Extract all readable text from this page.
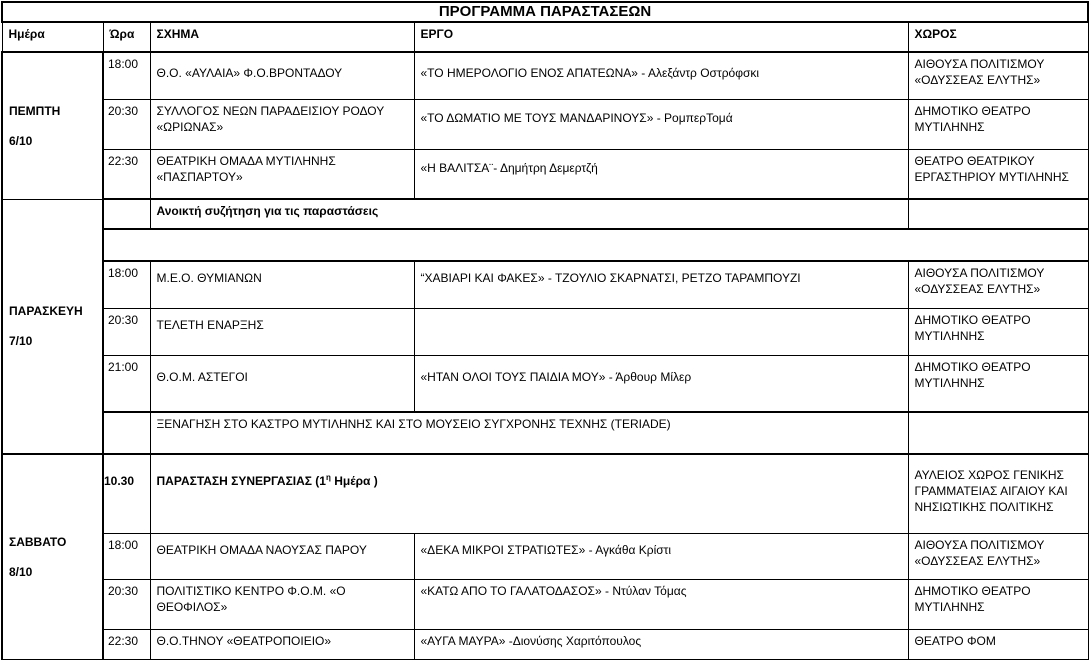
ΠΡΟΓΡΑΜΜΑ ΠΑΡΑΣΤΑΣΕΩΝ				
Ημέρα	Ώρα	ΣΧΗΜΑ	ΕΡΓΟ	ΧΩΡΟΣ

ΠΕΜΠΤΗ
6/10	18:00	Θ.Ο. «ΑΥΛΑΙΑ» Φ.Ο.ΒΡΟΝΤΑΔΟΥ	«ΤΟ ΗΜΕΡΟΛΟΓΙΟ ΕΝΟΣ ΑΠΑΤΕΩΝΑ» - Αλεξάντρ Οστρόφσκι	ΑΙΘΟΥΣΑ ΠΟΛΙΤΙΣΜΟΥ «ΟΔΥΣΣΕΑΣ ΕΛΥΤΗΣ»
	20:30	ΣΥΛΛΟΓΟΣ ΝΕΩΝ ΠΑΡΑΔΕΙΣΙΟΥ ΡΟΔΟΥ «ΩΡΙΩΝΑΣ»	«ΤΟ ΔΩΜΑΤΙΟ ΜΕ ΤΟΥΣ ΜΑΝΔΑΡΙΝΟΥΣ» - ΡομπερΤομά	ΔΗΜΟΤΙΚΟ ΘΕΑΤΡΟ ΜΥΤΙΛΗΝΗΣ
	22:30	ΘΕΑΤΡΙΚΗ ΟΜΑΔΑ ΜΥΤΙΛΗΝΗΣ «ΠΑΣΠΑΡΤΟΥ»	«Η ΒΑΛΙΤΣΑ¨- Δημήτρη Δεμερτζή	ΘΕΑΤΡΟ ΘΕΑΤΡΙΚΟΥ ΕΡΓΑΣΤΗΡΙΟΥ ΜΥΤΙΛΗΝΗΣ

ΠΑΡΑΣΚΕΥΗ
7/10		Ανοικτή συζήτηση για τις παραστάσεις		

	18:00	Μ.Ε.Ο. ΘΥΜΙΑΝΩΝ	“ΧΑΒΙΑΡΙ ΚΑΙ ΦΑΚΕΣ» - ΤΖΟΥΛΙΟ ΣΚΑΡΝΑΤΣΙ, ΡΕΤΖΟ ΤΑΡΑΜΠΟΥΖΙ	ΑΙΘΟΥΣΑ ΠΟΛΙΤΙΣΜΟΥ «ΟΔΥΣΣΕΑΣ ΕΛΥΤΗΣ»
	20:30	ΤΕΛΕΤΗ ΕΝΑΡΞΗΣ		ΔΗΜΟΤΙΚΟ ΘΕΑΤΡΟ ΜΥΤΙΛΗΝΗΣ
	21:00	Θ.Ο.Μ. ΑΣΤΕΓΟΙ	«ΗΤΑΝ ΟΛΟΙ ΤΟΥΣ ΠΑΙΔΙΑ ΜΟΥ» - Άρθουρ Μίλερ	ΔΗΜΟΤΙΚΟ ΘΕΑΤΡΟ ΜΥΤΙΛΗΝΗΣ
		ΞΕΝΑΓΗΣΗ ΣΤΟ ΚΑΣΤΡΟ ΜΥΤΙΛΗΝΗΣ ΚΑΙ ΣΤΟ ΜΟΥΣΕΙΟ ΣΥΓΧΡΟΝΗΣ ΤΕΧΝΗΣ (TERIADE)		

ΣΑΒΒΑΤΟ
8/10	10.30	ΠΑΡΑΣΤΑΣΗ ΣΥΝΕΡΓΑΣΙΑΣ ($1^\eta$ Ημέρα )		ΑΥΛΕΙΟΣ ΧΩΡΟΣ ΓΕΝΙΚΗΣ ΓΡΑΜΜΑΤΕΙΑΣ ΑΙΓΑΙΟΥ ΚΑΙ ΝΗΣΙΩΤΙΚΗΣ ΠΟΛΙΤΙΚΗΣ
	18:00	ΘΕΑΤΡΙΚΗ ΟΜΑΔΑ ΝΑΟΥΣΑΣ ΠΑΡΟΥ	«ΔΕΚΑ ΜΙΚΡΟΙ ΣΤΡΑΤΙΩΤΕΣ» - Αγκάθα Κρίστι	ΑΙΘΟΥΣΑ ΠΟΛΙΤΙΣΜΟΥ «ΟΔΥΣΣΕΑΣ ΕΛΥΤΗΣ»
	20:30	ΠΟΛΙΤΙΣΤΙΚΟ ΚΕΝΤΡΟ Φ.Ο.Μ. «Ο ΘΕΟΦΙΛΟΣ»	«ΚΑΤΩ ΑΠΟ ΤΟ ΓΑΛΑΤΟΔΑΣΟΣ» - Ντύλαν Τόμας	ΔΗΜΟΤΙΚΟ ΘΕΑΤΡΟ ΜΥΤΙΛΗΝΗΣ
	22:30	Θ.Ο.ΤΗΝΟΥ «ΘΕΑΤΡΟΠΟΙΕΙΟ»	«ΑΥΓΑ ΜΑΥΡΑ» -Διονύσης Χαριτόπουλος	ΘΕΑΤΡΟ ΦΟΜ
